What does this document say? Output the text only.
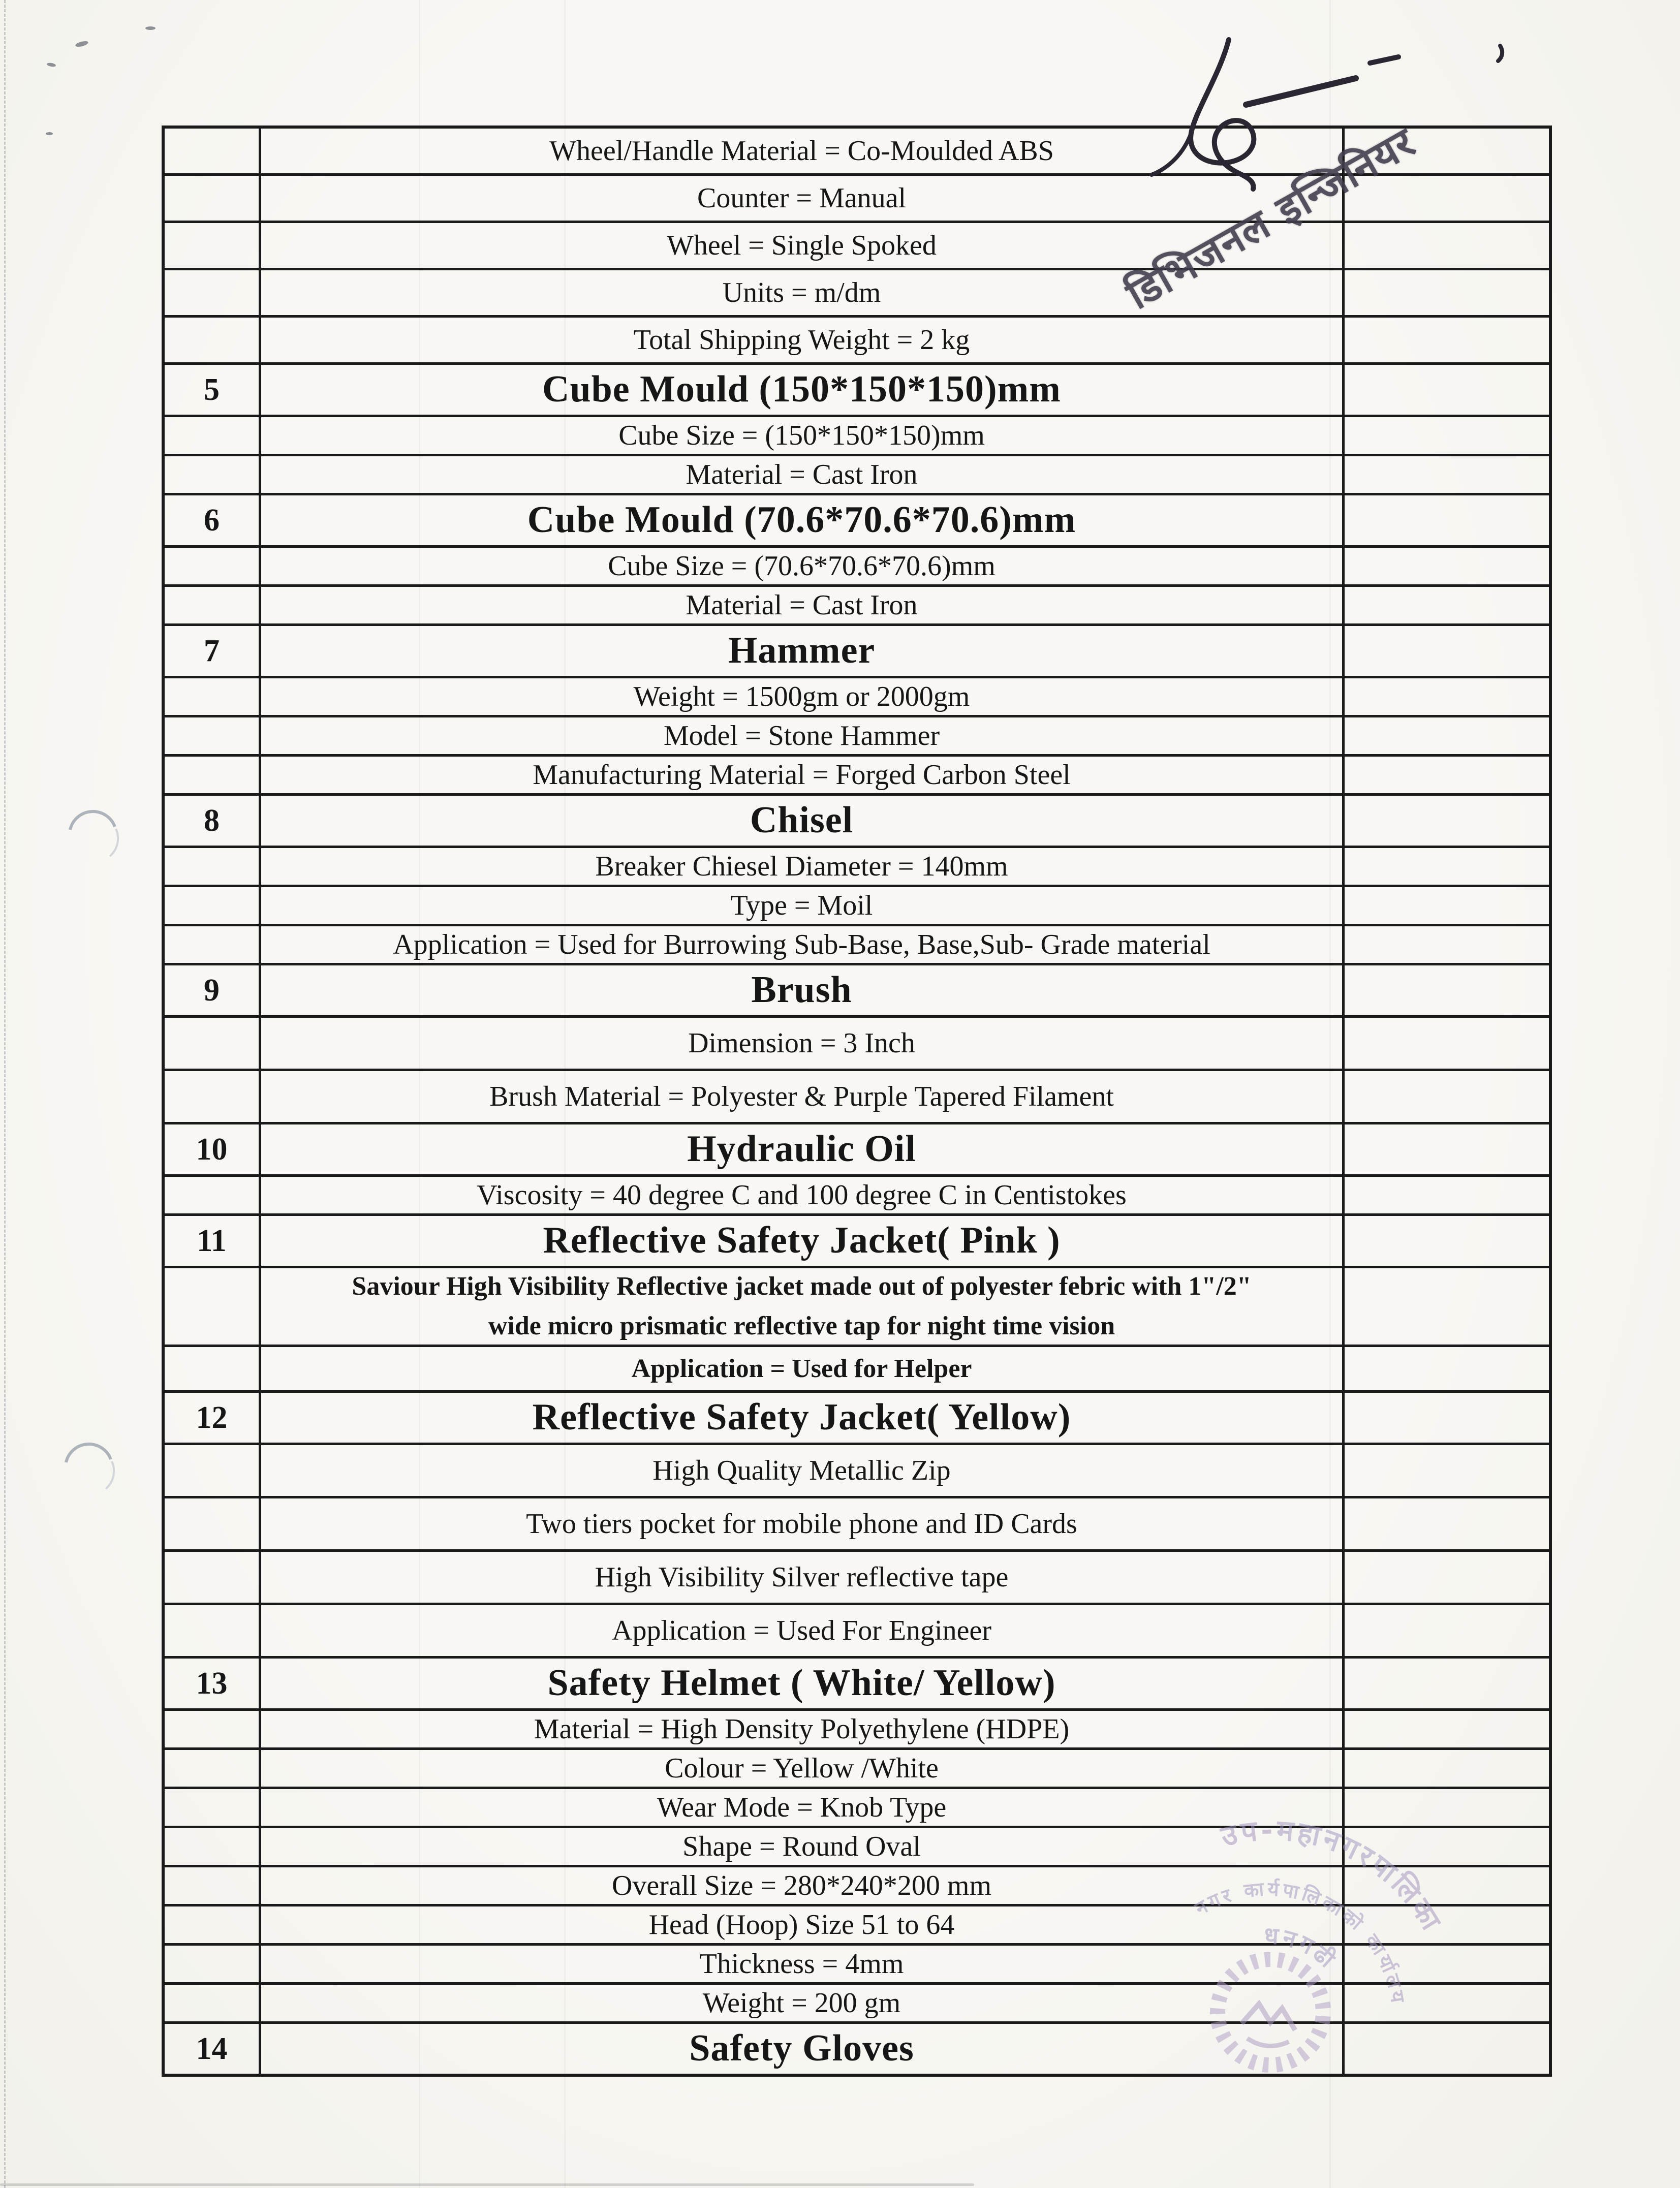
Wheel/Handle Material = Co-Moulded ABS
Counter = Manual
Wheel = Single Spoked
Units = m/dm
Total Shipping Weight = 2 kg
5	Cube Mould (150*150*150)mm
Cube Size = (150*150*150)mm
Material = Cast Iron
6	Cube Mould (70.6*70.6*70.6)mm
Cube Size = (70.6*70.6*70.6)mm
Material = Cast Iron
7	Hammer
Weight = 1500gm or 2000gm
Model = Stone Hammer
Manufacturing Material = Forged Carbon Steel
8	Chisel
Breaker Chiesel Diameter = 140mm
Type = Moil
Application = Used for Burrowing Sub-Base, Base,Sub- Grade material
9	Brush
Dimension = 3 Inch
Brush Material = Polyester & Purple Tapered Filament
10	Hydraulic Oil
Viscosity = 40 degree C and 100 degree C in Centistokes
11	Reflective Safety Jacket( Pink )
Saviour High Visibility Reflective jacket made out of polyester febric with 1"/2"
wide micro prismatic reflective tap for night time vision
Application = Used for Helper
12	Reflective Safety Jacket( Yellow)
High Quality Metallic Zip
Two tiers pocket for mobile phone and ID Cards
High Visibility Silver reflective tape
Application = Used For Engineer
13	Safety Helmet ( White/ Yellow)
Material = High Density Polyethylene (HDPE)
Colour = Yellow /White
Wear Mode = Knob Type
Shape = Round Oval
Overall Size = 280*240*200 mm
Head (Hoop) Size 51 to 64
Thickness = 4mm
Weight = 200 gm
14	Safety Gloves
डिभिजनल इन्जिनियर
उप-महानगरपालिका
नगर कार्यपालिकाको कार्यालय
धनगढी
